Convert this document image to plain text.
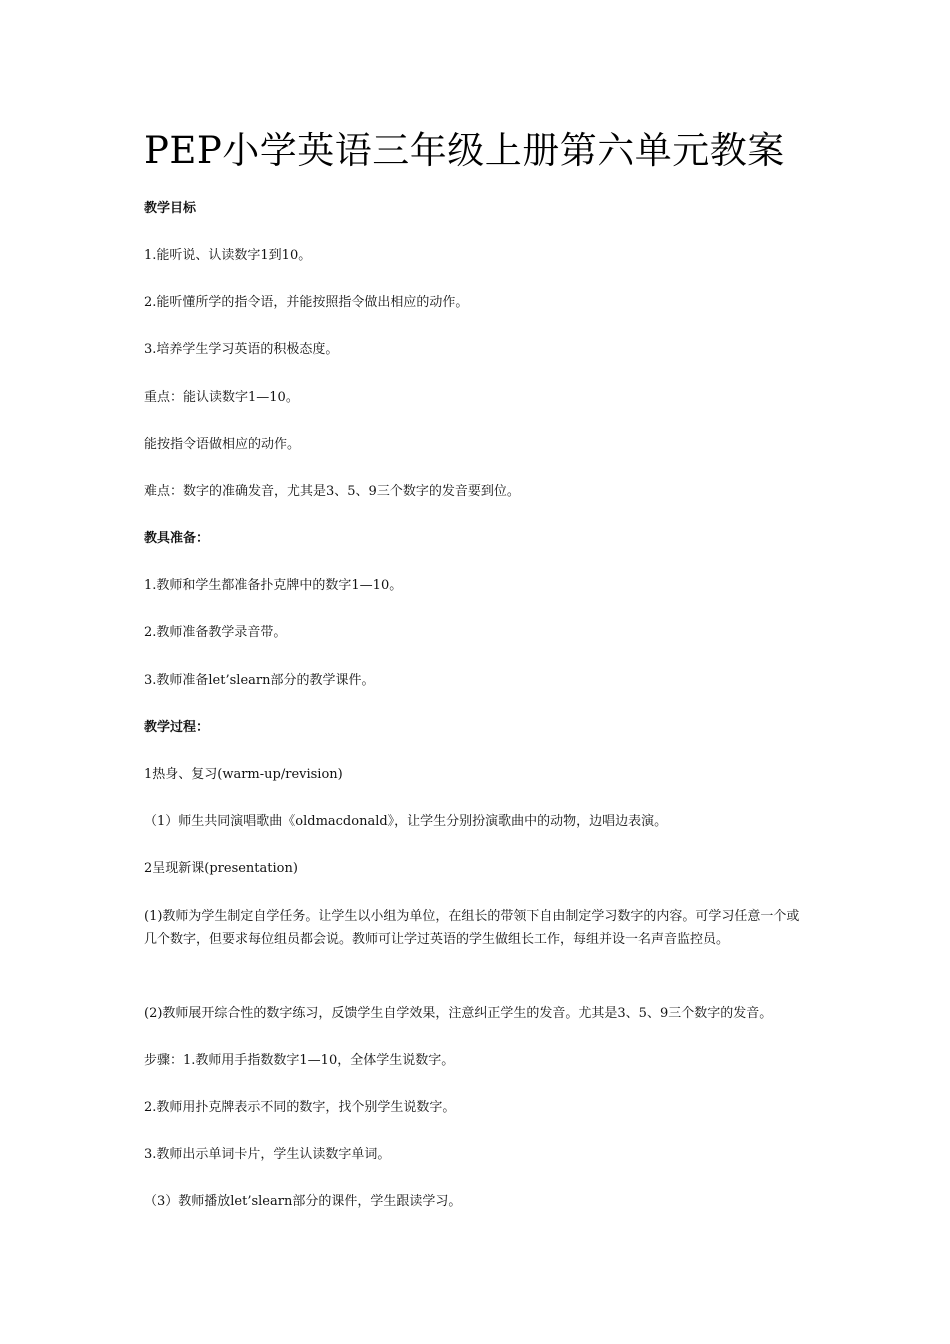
PEP小学英语三年级上册第六单元教案

教学目标

1.能听说、认读数字1到10。

2.能听懂所学的指令语，并能按照指令做出相应的动作。

3.培养学生学习英语的积极态度。

重点：能认读数字1—10。

能按指令语做相应的动作。

难点：数字的准确发音，尤其是3、5、9三个数字的发音要到位。

教具准备：

1.教师和学生都准备扑克牌中的数字1—10。

2.教师准备教学录音带。

3.教师准备let’slearn部分的教学课件。

教学过程：

1热身、复习(warm-up/revision)

（1）师生共同演唱歌曲《oldmacdonald》，让学生分别扮演歌曲中的动物，边唱边表演。

2呈现新课(presentation)

(1)教师为学生制定自学任务。让学生以小组为单位，在组长的带领下自由制定学习数字的内容。可学习任意一个或几个数字，但要求每位组员都会说。教师可让学过英语的学生做组长工作，每组并设一名声音监控员。

(2)教师展开综合性的数字练习，反馈学生自学效果，注意纠正学生的发音。尤其是3、5、9三个数字的发音。

步骤：1.教师用手指数数字1—10，全体学生说数字。

2.教师用扑克牌表示不同的数字，找个别学生说数字。

3.教师出示单词卡片，学生认读数字单词。

（3）教师播放let’slearn部分的课件，学生跟读学习。
